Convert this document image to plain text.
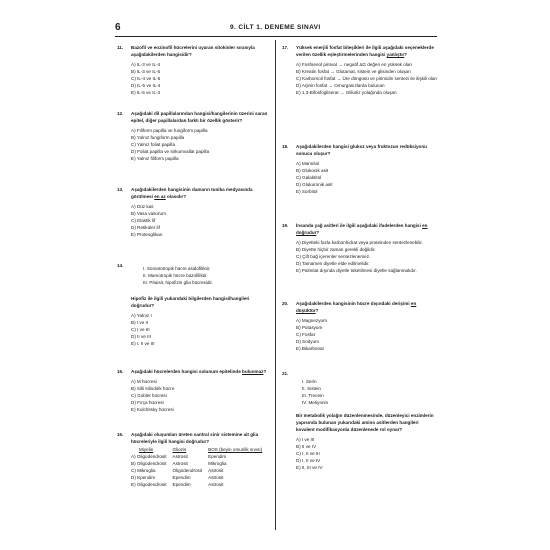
6	9. CİLT 1. DENEME SINAVI
11. Bazofil ve eozinofil hücrelerini uyaran sitokinler sırasıyla aşağıdakilerden hangisidir?
A) IL-3 ve IL-4
B) IL-3 ve IL-5
C) IL-4 ve IL-5
D) IL-5 ve IL-4
E) IL-5 ve IL-3
12. Aşağıdaki dil papillalarından hangisi/hangilerinin üzerini saran epitel, diğer papillalardan farklı bir özellik gösterir?
A) Filiform papilla ve fungiform papilla
B) Yalnız fungiform papilla
C) Yalnız foliat papilla
D) Foliat papilla ve sirkumvallat papilla
E) Yalnız filiform papilla
13. Aşağıdakilerden hangisinin damarın tunika medyasında görülmesi en az olasıdır?
A) Düz kas
B) Vasa vasorum
C) Elastik lif
D) Retiküler lif
E) Proteoglikan
14.
I. Somatotropik hücre asidofiliktir.
II. Mamotropik hücre bazofiliktir.
III. Pituisit, hipofizin glia hücresidir.
Hipofiz ile ilgili yukarıdaki bilgilerden hangisi/hangileri doğrudur?
A) Yalnız I
B) I ve II
C) I ve III
D) II ve III
E) I, II ve III
15. Aşağıdaki hücrelerden hangisi solunum epitelinde bulunmaz?
A) M hücresi
B) Silli silindirik hücre
C) Goblet hücresi
D) Fırça hücresi
E) Kulchitsky hücresi
16. Aşağıdaki oluşumları üreten santral sinir sistemine ait glia hücreleriyle ilgili hangisi doğrudur?
Miyelin	Gliozis	BOS (beyin omurilik sıvısı)
A) Oligodendrosit	Astrosit	Ependim
B) Oligodendrosit	Astrosit	Mikroglia
C) Mikroglia	Oligodendrosit	Astrosit
D) Ependim	Ependim	Astrosit
E) Oligodendrosit	Ependim	Astrosit
17. Yüksek enerjili fosfat bileşikleri ile ilgili aşağıdaki seçeneklerde verilen özellik eşleştirmelerinden hangisi yanlıştır?
A) Fosfoenol pirüvat → negatif ΔG değeri en yüksek olan
B) Kreatin fosfat → Glutamat, sistein ve glisinden oluşan
C) Karbomoil fosfat → Üre döngüsü ve pirimidin sentezi ile ilişkili olan
D) Arjinin fosfat → Omurgasızlarda bulunan
E) 1,3-Bifosfogliserat → Glikoliz yolağında oluşan
18. Aşağıdakilerden hangisi glukoz veya fruktozun redüksiyonu sonucu oluşur?
A) Mannitol
B) Glukonik asit
C) Galaktitol
D) Glukuronik asit
E) Sorbitol
19. İnsanda yağ asitleri ile ilgili aşağıdaki ifadelerden hangisi en doğrudur?
A) Diyetteki fazla karbonhidrat veya proteinden sentezlenebilir.
B) Diyette hiçbir zaman gerekli değildir.
C) Çift bağ içerenler sentezlenemez.
D) Tamamen diyetle elde edilmelidir.
E) Palmitat dışında diyetle tüketilmesi diyetle sağlanmalıdır.
20. Aşağıdakilerden hangisinin hücre dışındaki derişimi en düşüktür?
A) Magnezyum
B) Potasyum
C) Fosfat
D) Sodyum
E) Bikarbonat
21.
I. Serin
II. Sistein
III. Treonin
IV. Metiyonin
Bir metabolik yolağın düzenlenmesinde, düzenleyici enzimlerin yapısında bulunan yukarıdaki amino asitlerden hangileri kovalent modifikasyonla düzenlenede rol oynar?
A) I ve III
B) II ve IV
C) I, II ve III
D) I, II ve IV
E) II, III ve IV
